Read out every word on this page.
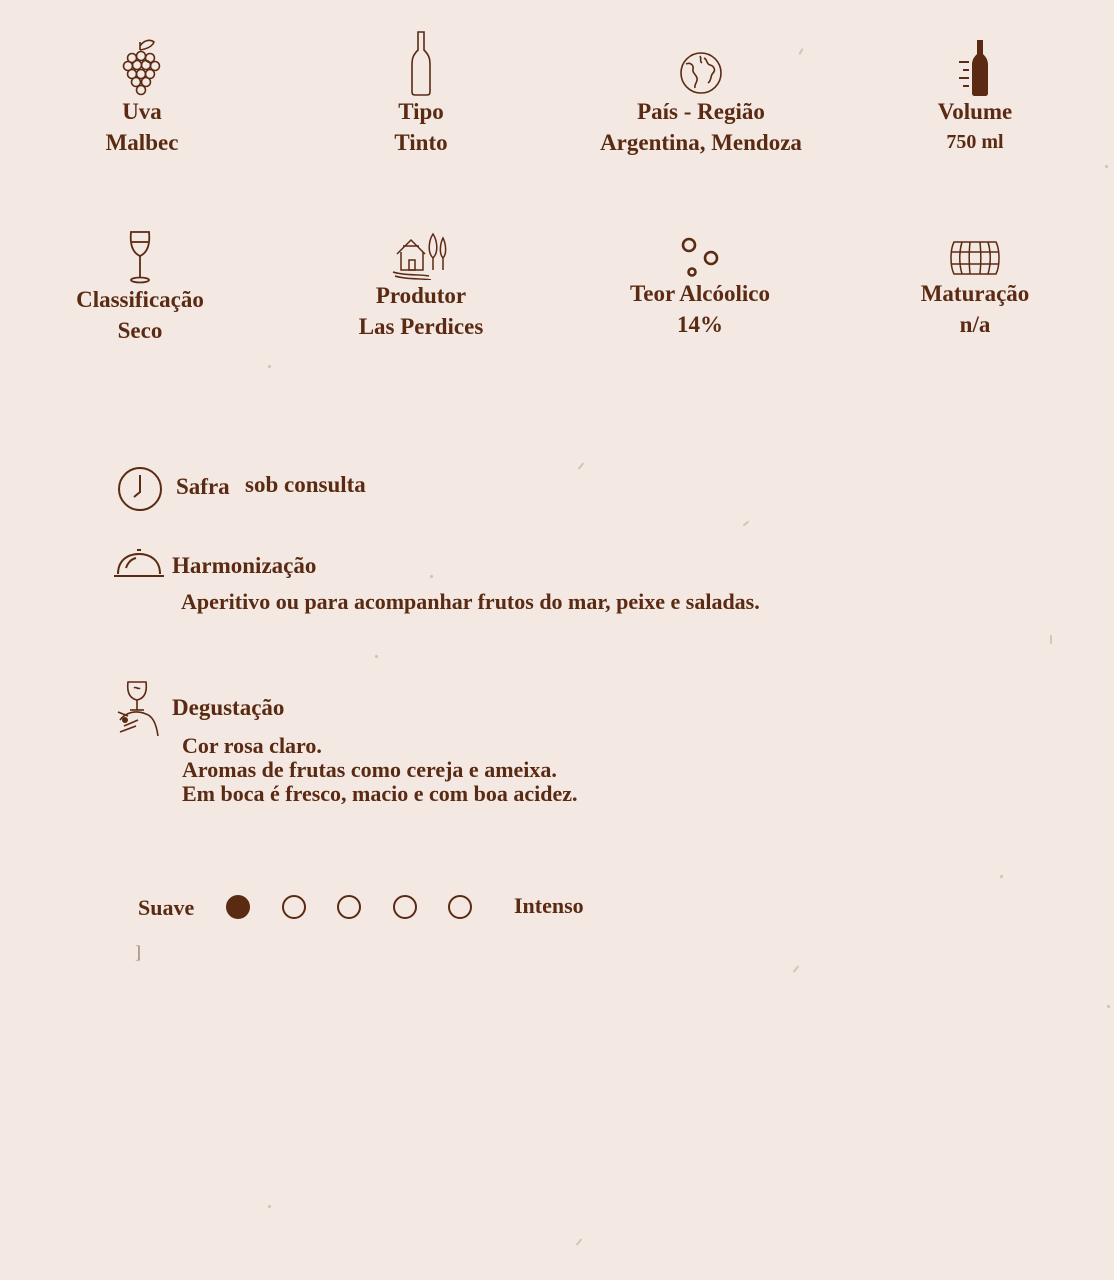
Uva
Malbec
Tipo
Tinto
País - Região
Argentina, Mendoza
Volume
750 ml
Classificação
Seco
Produtor
Las Perdices
Teor Alcóolico
14%
Maturação
n/a
Safra sob consulta
Harmonização
Aperitivo ou para acompanhar frutos do mar, peixe e saladas.
Degustação
Cor rosa claro.
Aromas de frutas como cereja e ameixa.
Em boca é fresco, macio e com boa acidez.
Suave	Intenso
]
